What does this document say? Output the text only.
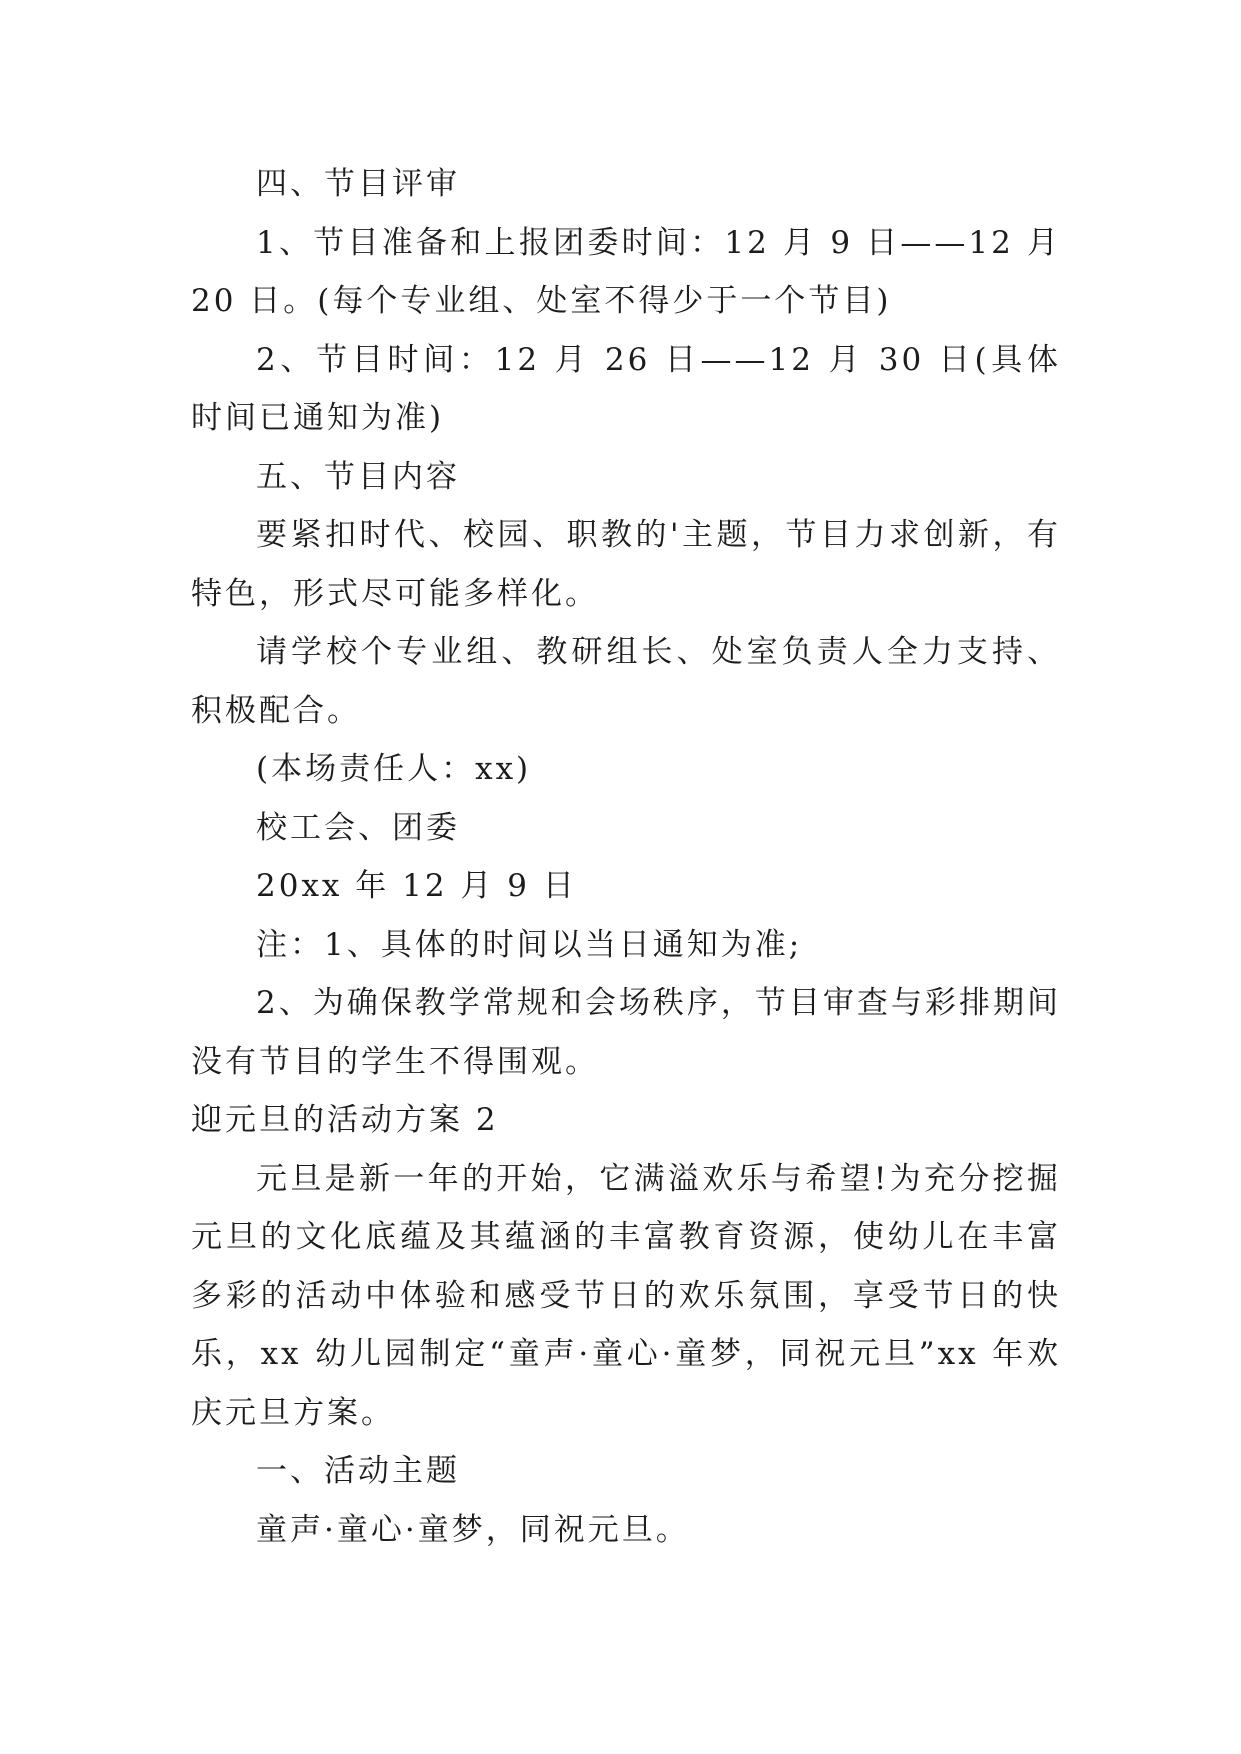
四、节目评审

1、节目准备和上报团委时间：12 月 9 日——12 月 20 日。(每个专业组、处室不得少于一个节目)

2、节目时间：12 月 26 日——12 月 30 日(具体时间已通知为准)

五、节目内容

要紧扣时代、校园、职教的'主题，节目力求创新，有特色，形式尽可能多样化。

请学校个专业组、教研组长、处室负责人全力支持、积极配合。

(本场责任人：xx)

校工会、团委

20xx 年 12 月 9 日

注：1、具体的时间以当日通知为准;

2、为确保教学常规和会场秩序，节目审查与彩排期间没有节目的学生不得围观。

迎元旦的活动方案 2

元旦是新一年的开始，它满溢欢乐与希望!为充分挖掘元旦的文化底蕴及其蕴涵的丰富教育资源，使幼儿在丰富多彩的活动中体验和感受节日的欢乐氛围，享受节日的快乐，xx 幼儿园制定“童声·童心·童梦，同祝元旦”xx 年欢庆元旦方案。

一、活动主题

童声·童心·童梦，同祝元旦。
